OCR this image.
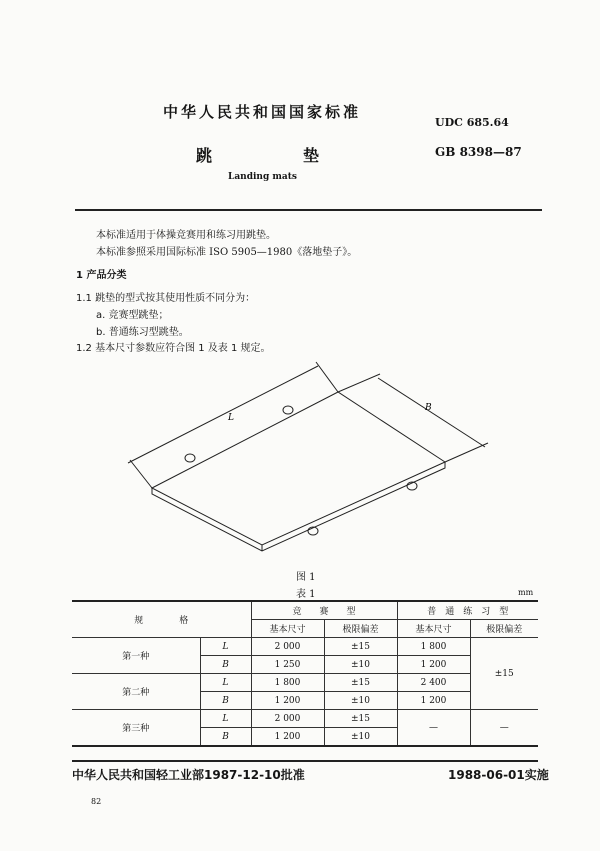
中华人民共和国国家标准
UDC 685.64
跳	垫	GB 8398—87
Landing mats
本标准适用于体操竞赛用和练习用跳垫。
本标准参照采用国际标准 ISO 5905—1980《落地垫子》。
1 产品分类
1.1 跳垫的型式按其使用性质不同分为：
a. 竞赛型跳垫；
b. 普通练习型跳垫。
1.2 基本尺寸参数应符合图 1 及表 1 规定。
L
B
图 1
表 1	mm
规　　　　格		竞　　赛　　型		普　通　练　习　型	
		基本尺寸	极限偏差	基本尺寸	极限偏差
第一种	L	2 000	±15	1 800	±15
	B	1 250	±10	1 200	
第二种	L	1 800	±15	2 400	
	B	1 200	±10	1 200	
第三种	L	2 000	±15	—	—
	B	1 200	±10		
中华人民共和国轻工业部1987-12-10批准	1988-06-01实施
82
